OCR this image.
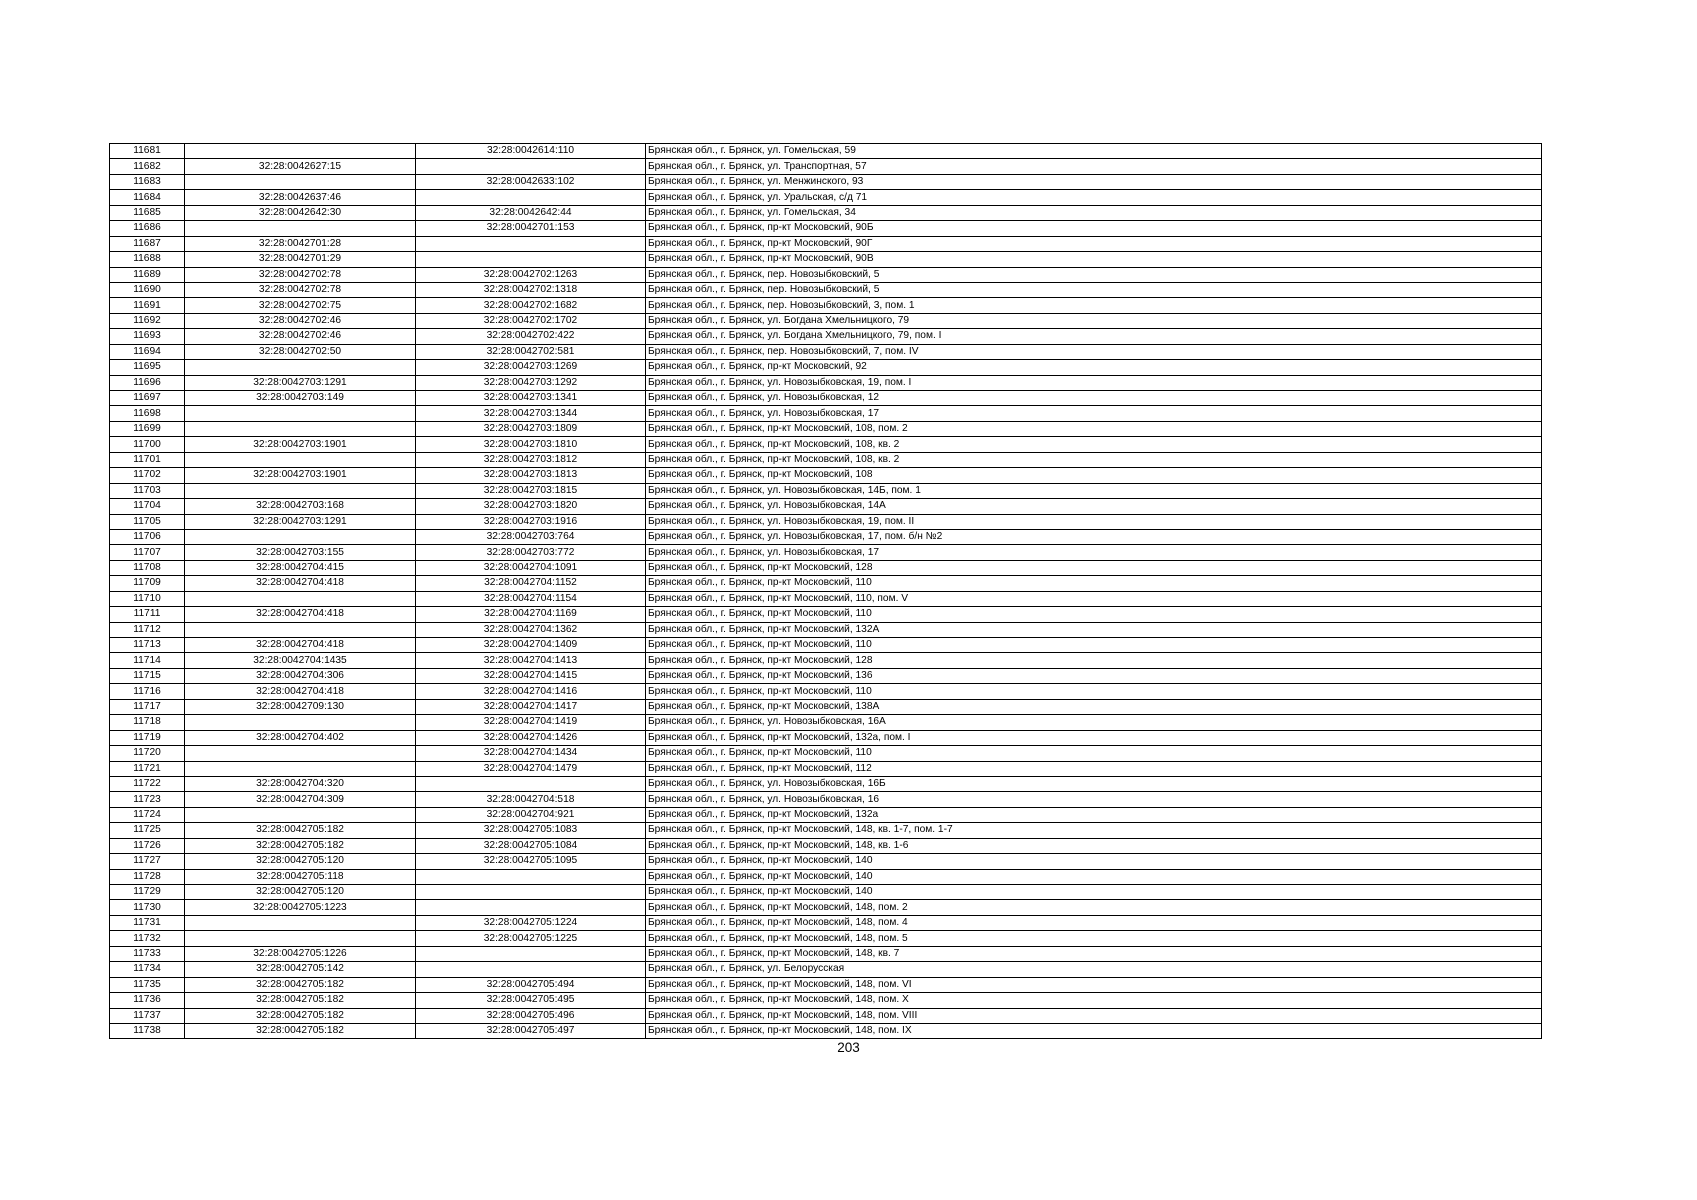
11681		32:28:0042614:110	Брянская обл., г. Брянск, ул. Гомельская, 59
11682	32:28:0042627:15		Брянская обл., г. Брянск, ул. Транспортная, 57
11683		32:28:0042633:102	Брянская обл., г. Брянск, ул. Менжинского, 93
11684	32:28:0042637:46		Брянская обл., г. Брянск, ул. Уральская, с/д 71
11685	32:28:0042642:30	32:28:0042642:44	Брянская обл., г. Брянск, ул. Гомельская, 34
11686		32:28:0042701:153	Брянская обл., г. Брянск, пр-кт Московский, 90Б
11687	32:28:0042701:28		Брянская обл., г. Брянск, пр-кт Московский, 90Г
11688	32:28:0042701:29		Брянская обл., г. Брянск, пр-кт Московский, 90В
11689	32:28:0042702:78	32:28:0042702:1263	Брянская обл., г. Брянск, пер. Новозыбковский, 5
11690	32:28:0042702:78	32:28:0042702:1318	Брянская обл., г. Брянск, пер. Новозыбковский, 5
11691	32:28:0042702:75	32:28:0042702:1682	Брянская обл., г. Брянск, пер. Новозыбковский, 3, пом. 1
11692	32:28:0042702:46	32:28:0042702:1702	Брянская обл., г. Брянск, ул. Богдана Хмельницкого, 79
11693	32:28:0042702:46	32:28:0042702:422	Брянская обл., г. Брянск, ул. Богдана Хмельницкого, 79, пом. I
11694	32:28:0042702:50	32:28:0042702:581	Брянская обл., г. Брянск, пер. Новозыбковский, 7, пом. IV
11695		32:28:0042703:1269	Брянская обл., г. Брянск, пр-кт Московский, 92
11696	32:28:0042703:1291	32:28:0042703:1292	Брянская обл., г. Брянск, ул. Новозыбковская, 19, пом. I
11697	32:28:0042703:149	32:28:0042703:1341	Брянская обл., г. Брянск, ул. Новозыбковская, 12
11698		32:28:0042703:1344	Брянская обл., г. Брянск, ул. Новозыбковская, 17
11699		32:28:0042703:1809	Брянская обл., г. Брянск, пр-кт Московский, 108, пом. 2
11700	32:28:0042703:1901	32:28:0042703:1810	Брянская обл., г. Брянск, пр-кт Московский, 108, кв. 2
11701		32:28:0042703:1812	Брянская обл., г. Брянск, пр-кт Московский, 108, кв. 2
11702	32:28:0042703:1901	32:28:0042703:1813	Брянская обл., г. Брянск, пр-кт Московский, 108
11703		32:28:0042703:1815	Брянская обл., г. Брянск, ул. Новозыбковская, 14Б, пом. 1
11704	32:28:0042703:168	32:28:0042703:1820	Брянская обл., г. Брянск, ул. Новозыбковская, 14А
11705	32:28:0042703:1291	32:28:0042703:1916	Брянская обл., г. Брянск, ул. Новозыбковская, 19, пом. II
11706		32:28:0042703:764	Брянская обл., г. Брянск, ул. Новозыбковская, 17, пом. б/н №2
11707	32:28:0042703:155	32:28:0042703:772	Брянская обл., г. Брянск, ул. Новозыбковская, 17
11708	32:28:0042704:415	32:28:0042704:1091	Брянская обл., г. Брянск, пр-кт Московский, 128
11709	32:28:0042704:418	32:28:0042704:1152	Брянская обл., г. Брянск, пр-кт Московский, 110
11710		32:28:0042704:1154	Брянская обл., г. Брянск, пр-кт Московский, 110, пом. V
11711	32:28:0042704:418	32:28:0042704:1169	Брянская обл., г. Брянск, пр-кт Московский, 110
11712		32:28:0042704:1362	Брянская обл., г. Брянск, пр-кт Московский, 132А
11713	32:28:0042704:418	32:28:0042704:1409	Брянская обл., г. Брянск, пр-кт Московский, 110
11714	32:28:0042704:1435	32:28:0042704:1413	Брянская обл., г. Брянск, пр-кт Московский, 128
11715	32:28:0042704:306	32:28:0042704:1415	Брянская обл., г. Брянск, пр-кт Московский, 136
11716	32:28:0042704:418	32:28:0042704:1416	Брянская обл., г. Брянск, пр-кт Московский, 110
11717	32:28:0042709:130	32:28:0042704:1417	Брянская обл., г. Брянск, пр-кт Московский, 138А
11718		32:28:0042704:1419	Брянская обл., г. Брянск, ул. Новозыбковская, 16А
11719	32:28:0042704:402	32:28:0042704:1426	Брянская обл., г. Брянск, пр-кт Московский, 132а, пом. I
11720		32:28:0042704:1434	Брянская обл., г. Брянск, пр-кт Московский, 110
11721		32:28:0042704:1479	Брянская обл., г. Брянск, пр-кт Московский, 112
11722	32:28:0042704:320		Брянская обл., г. Брянск, ул. Новозыбковская, 16Б
11723	32:28:0042704:309	32:28:0042704:518	Брянская обл., г. Брянск, ул. Новозыбковская, 16
11724		32:28:0042704:921	Брянская обл., г. Брянск, пр-кт Московский, 132а
11725	32:28:0042705:182	32:28:0042705:1083	Брянская обл., г. Брянск, пр-кт Московский, 148, кв. 1-7, пом. 1-7
11726	32:28:0042705:182	32:28:0042705:1084	Брянская обл., г. Брянск, пр-кт Московский, 148, кв. 1-6
11727	32:28:0042705:120	32:28:0042705:1095	Брянская обл., г. Брянск, пр-кт Московский, 140
11728	32:28:0042705:118		Брянская обл., г. Брянск, пр-кт Московский, 140
11729	32:28:0042705:120		Брянская обл., г. Брянск, пр-кт Московский, 140
11730	32:28:0042705:1223		Брянская обл., г. Брянск, пр-кт Московский, 148, пом. 2
11731		32:28:0042705:1224	Брянская обл., г. Брянск, пр-кт Московский, 148, пом. 4
11732		32:28:0042705:1225	Брянская обл., г. Брянск, пр-кт Московский, 148, пом. 5
11733	32:28:0042705:1226		Брянская обл., г. Брянск, пр-кт Московский, 148, кв. 7
11734	32:28:0042705:142		Брянская обл., г. Брянск, ул. Белорусская
11735	32:28:0042705:182	32:28:0042705:494	Брянская обл., г. Брянск, пр-кт Московский, 148, пом. VI
11736	32:28:0042705:182	32:28:0042705:495	Брянская обл., г. Брянск, пр-кт Московский, 148, пом. X
11737	32:28:0042705:182	32:28:0042705:496	Брянская обл., г. Брянск, пр-кт Московский, 148, пом. VIII
11738	32:28:0042705:182	32:28:0042705:497	Брянская обл., г. Брянск, пр-кт Московский, 148, пом. IX
203
